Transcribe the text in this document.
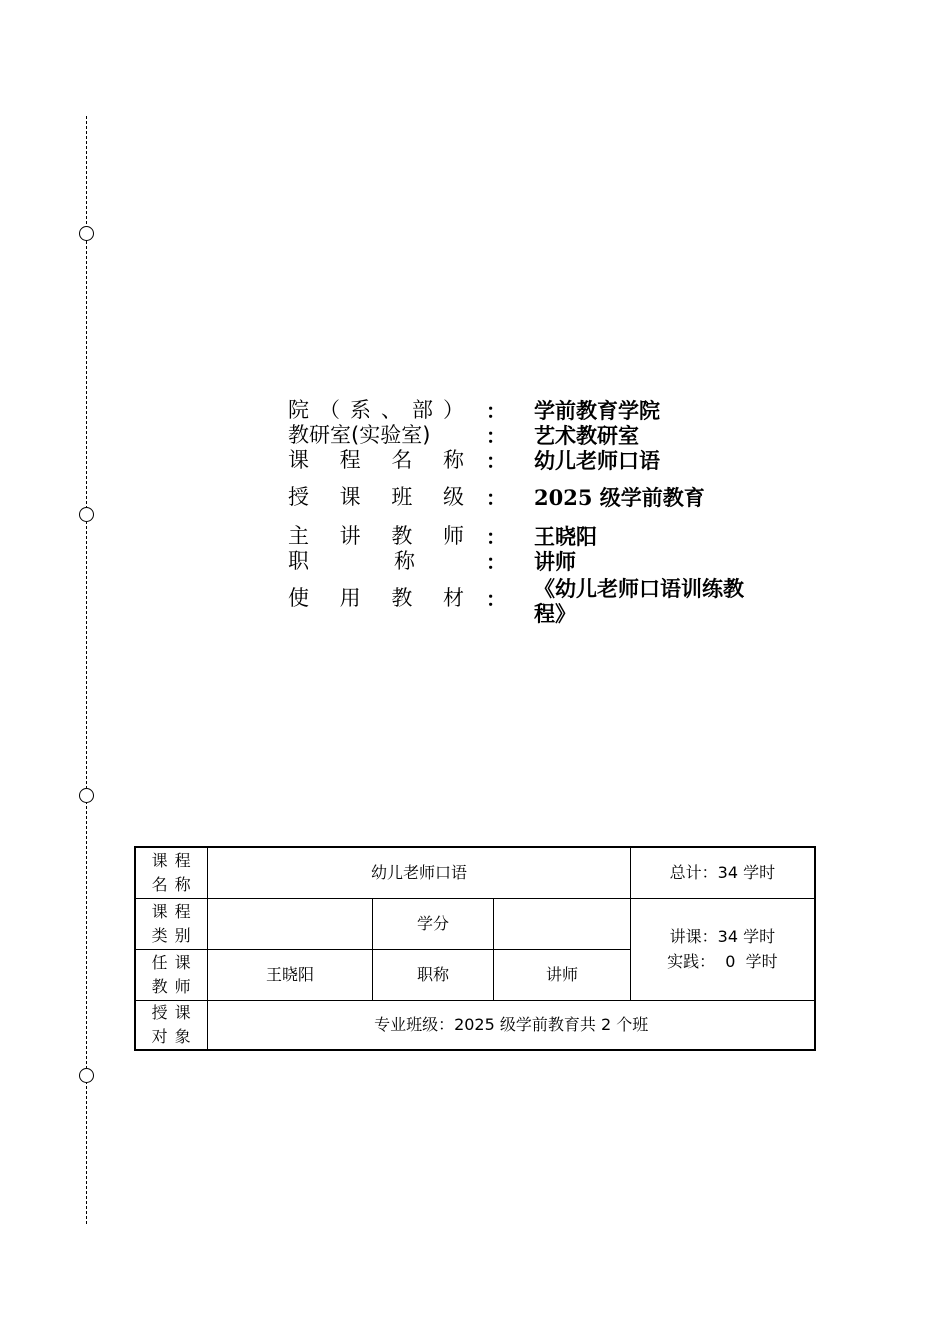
院 （ 系 、 部 ） ： 学前教育学院
教研室(实验室)	： 艺术教研室
课 程 名 称 ： 幼儿老师口语
授 课 班 级 ： 2025 级学前教育
主 讲 教 师 ： 王晓阳
职	称	： 讲师
使 用 教 材 ： 《幼儿老师口语训练教程》
课程
名称	幼儿老师口语			总计：34 学时

课程
类别		学分		讲课：34 学时
实践：  0  学时

任课
教师	王晓阳	职称	讲师	

授课
对象	专业班级：2025 级学前教育共 2 个班			
